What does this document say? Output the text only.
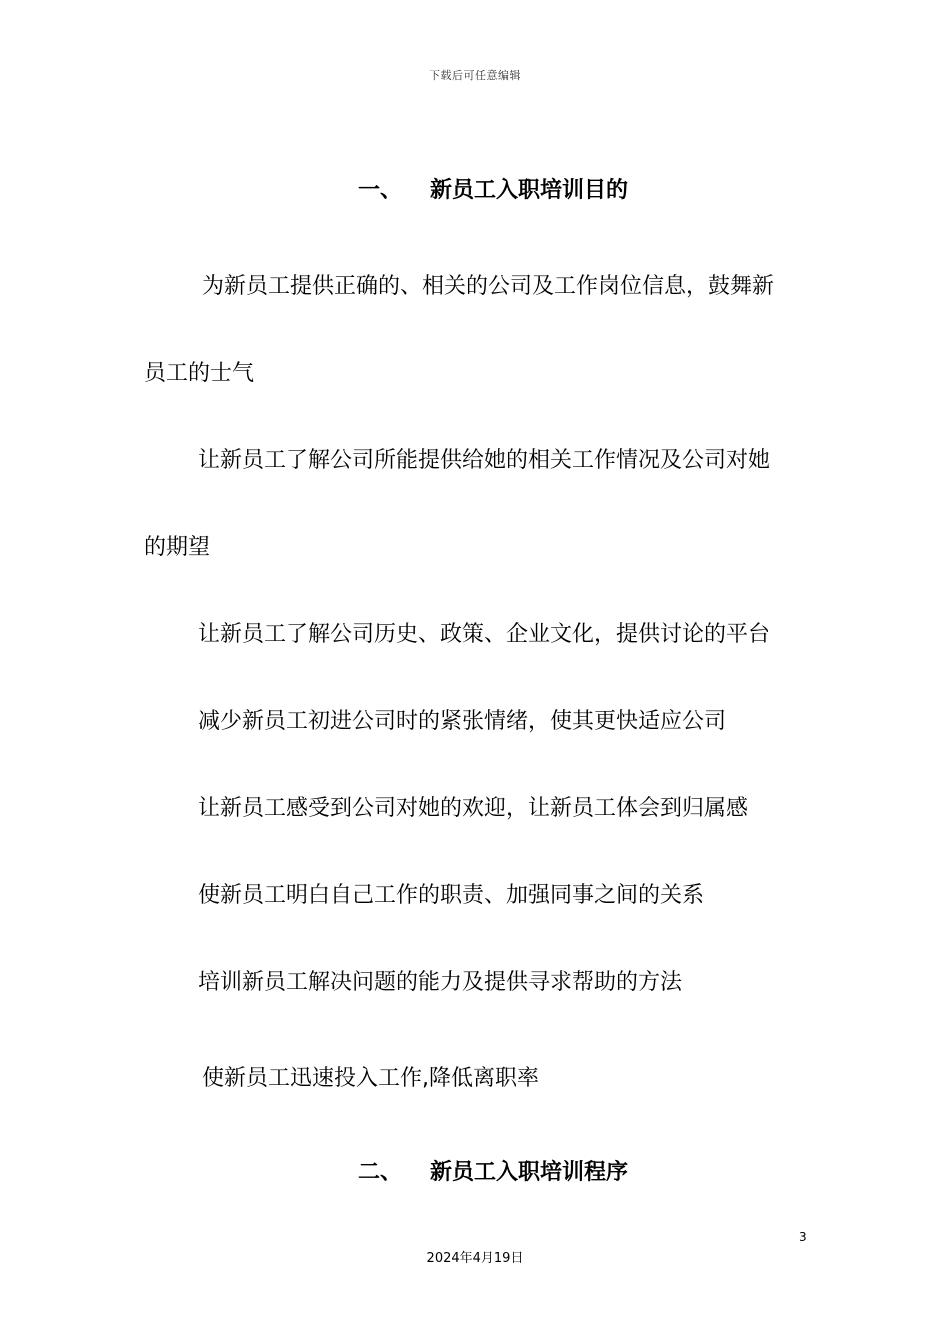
下载后可任意编辑
一、 新员工入职培训目的
为新员工提供正确的、相关的公司及工作岗位信息，鼓舞新
员工的士气
让新员工了解公司所能提供给她的相关工作情况及公司对她
的期望
让新员工了解公司历史、政策、企业文化，提供讨论的平台
减少新员工初进公司时的紧张情绪，使其更快适应公司
让新员工感受到公司对她的欢迎，让新员工体会到归属感
使新员工明白自己工作的职责、加强同事之间的关系
培训新员工解决问题的能力及提供寻求帮助的方法
使新员工迅速投入工作,降低离职率
二、 新员工入职培训程序
3
2024年4月19日
